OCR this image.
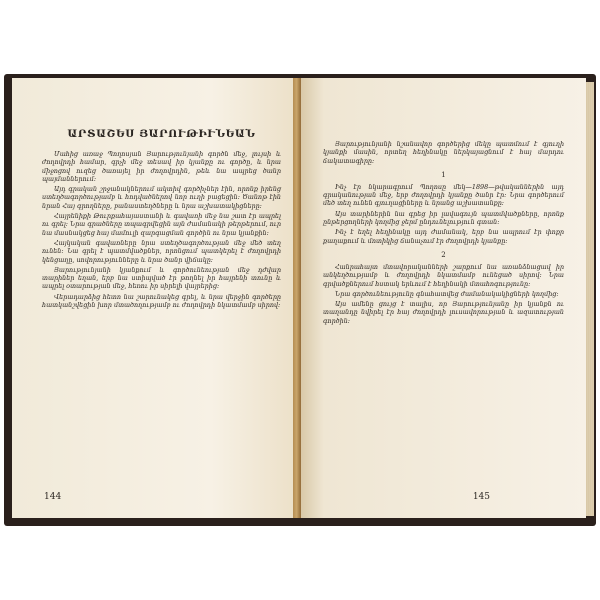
ԱՐՏԱՇԵՍ ՅԱՐՈՒԹԻՒՆԵԱՆ

Մահից առաջ Պողոսյան Յարությունյանի գործն մեջ, լույսի և ժողովրդի համար, գրչի մեջ տեսավ իր կյանքը ու գործը, և նրա միջոցով ուզեց ծառայել իր ժողովրդին, թեև նա ապրեց ծանր պայմաններում։

Այդ գրական շրջանակներում ակտիվ գործիչներ էին, որոնք իրենց ստեղծագործությամբ և հոդվածներով նոր ուղի բացեցին։ Ծանոթ էին նրան Հայ գրողները, բանաստեղծները և նրա աշխատակիցները։

Հայրենիքի Թուրքահայաստանի և գավառի մեջ նա շատ էր ապրել ու գրել։ Նրա գրածները տպագրվեցին այն ժամանակի թերթերում, ուր նա մասնակցեց հայ մամուլի զարգացման գործին ու նրա կյանքին։

Հայկական գավառները նրա ստեղծագործության մեջ մեծ տեղ ունեն։ Նա գրել է պատմվածքներ, որոնցում պատկերել է ժողովրդի կենցաղը, սովորությունները և նրա ծանր վիճակը։

Յարությունյանի կյանքում և գործունեության մեջ դժվար տարիներ եղան, երբ նա ստիպված էր թողնել իր հայրենի տունը և ապրել օտարության մեջ, հեռու իր սիրելի վայրերից։

Վերադարձից հետո նա շարունակեց գրել, և նրա վերջին գործերը հատկանշվեցին խոր մտածողությամբ ու ժողովրդի նկատմամբ սիրով։

144

Յարությունյանի նշանավոր գործերից մեկը պատմում է գյուղի կյանքի մասին, որտեղ հեղինակը ներկայացնում է հայ մարդու ճակատագիրը։

1

Ինչ էր նկարագրում Պողոսը մեկ—1898—թվականներին այդ գրականության մեջ, երբ ժողովրդի կյանքը ծանր էր։ Նրա գործերում մեծ տեղ ունեն գյուղացիները և նրանց աշխատանքը։

Այս տարիներին նա գրեց իր լավագույն պատմվածքները, որոնք ընթերցողների կողմից ջերմ ընդունելություն գտան։

Ինչ է եղել հեղինակը այդ ժամանակ, երբ նա ապրում էր փոքր քաղաքում և մոտիկից ճանաչում էր ժողովրդի կյանքը։

2

Հանրահայտ մտավորականների շարքում նա առանձնացավ իր անկեղծությամբ և ժողովրդի նկատմամբ ունեցած սիրով։ Նրա գրվածքներում հստակ երևում է հեղինակի մտահոգությունը։

Նրա գործունեությունը գնահատվեց ժամանակակիցների կողմից։

Այս ամենը ցույց է տալիս, որ Յարությունյանը իր կյանքն ու տաղանդը նվիրել էր հայ ժողովրդի լուսավորության և ազատության գործին։

145
